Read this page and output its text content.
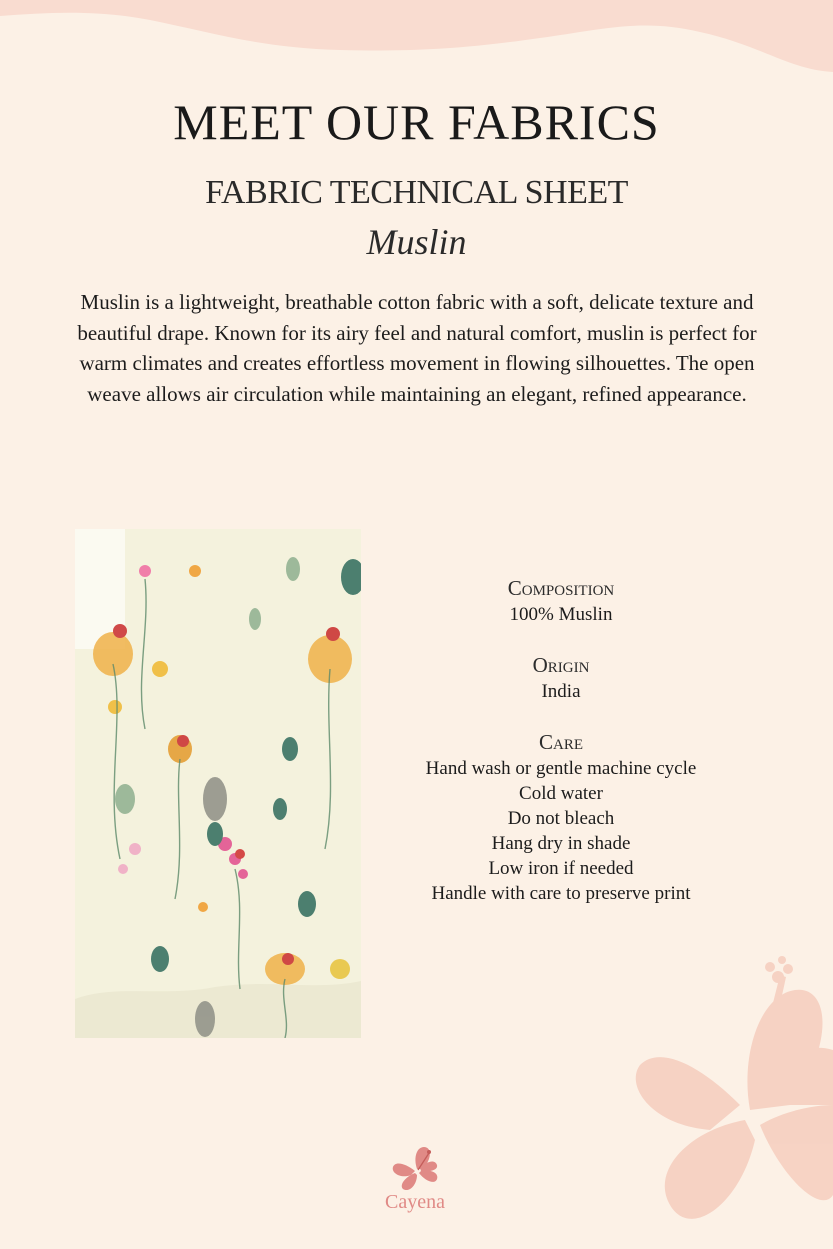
MEET OUR FABRICS
FABRIC TECHNICAL SHEET
Muslin
Muslin is a lightweight, breathable cotton fabric with a soft, delicate texture and beautiful drape. Known for its airy feel and natural comfort, muslin is perfect for warm climates and creates effortless movement in flowing silhouettes. The open weave allows air circulation while maintaining an elegant, refined appearance.
Composition
100% Muslin
Origin
India
Care
Hand wash or gentle machine cycle
Cold water
Do not bleach
Hang dry in shade
Low iron if needed
Handle with care to preserve print
Cayena
